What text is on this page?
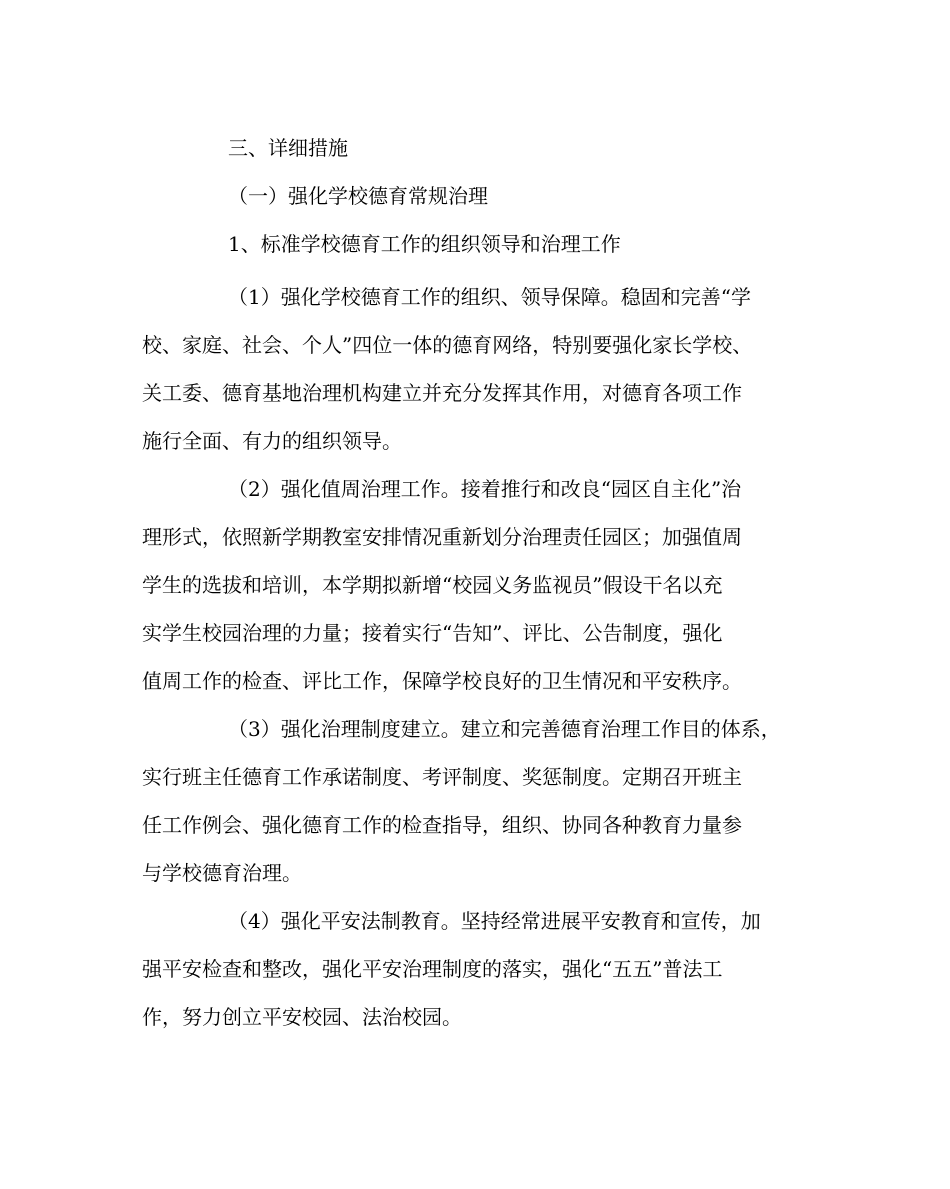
三、详细措施
（一）强化学校德育常规治理
1、标准学校德育工作的组织领导和治理工作
（1）强化学校德育工作的组织、领导保障。稳固和完善“学
校、家庭、社会、个人”四位一体的德育网络，特别要强化家长学校、
关工委、德育基地治理机构建立并充分发挥其作用，对德育各项工作
施行全面、有力的组织领导。
（2）强化值周治理工作。接着推行和改良“园区自主化”治
理形式，依照新学期教室安排情况重新划分治理责任园区；加强值周
学生的选拔和培训，本学期拟新增“校园义务监视员”假设干名以充
实学生校园治理的力量；接着实行“告知”、评比、公告制度，强化
值周工作的检查、评比工作，保障学校良好的卫生情况和平安秩序。
（3）强化治理制度建立。建立和完善德育治理工作目的体系，
实行班主任德育工作承诺制度、考评制度、奖惩制度。定期召开班主
任工作例会、强化德育工作的检查指导，组织、协同各种教育力量参
与学校德育治理。
（4）强化平安法制教育。坚持经常进展平安教育和宣传，加
强平安检查和整改，强化平安治理制度的落实，强化“五五”普法工
作，努力创立平安校园、法治校园。
